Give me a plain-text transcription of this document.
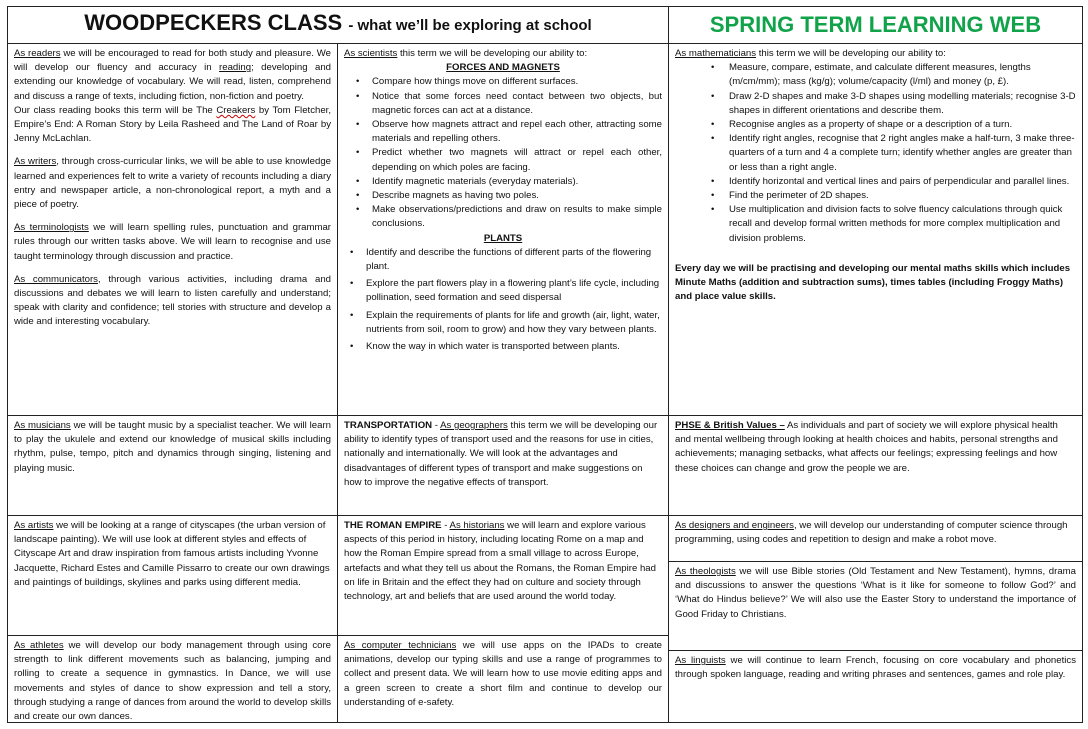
WOODPECKERS CLASS - what we’ll be exploring at school	SPRING TERM LEARNING WEB

As readers we will be encouraged to read for both study and pleasure. We will develop our fluency and accuracy in reading; developing and extending our knowledge of vocabulary. We will read, listen, comprehend and discuss a range of texts, including fiction, non-fiction and poetry.

Our class reading books this term will be The Creakers by Tom Fletcher, Empire’s End: A Roman Story by Leila Rasheed and The Land of Roar by Jenny McLachlan.

As writers, through cross-curricular links, we will be able to use knowledge learned and experiences felt to write a variety of recounts including a diary entry and newspaper article, a non-chronological report, a myth and a piece of poetry.

As terminologists we will learn spelling rules, punctuation and grammar rules through our written tasks above. We will learn to recognise and use taught terminology through discussion and practice.

As communicators, through various activities, including drama and discussions and debates we will learn to listen carefully and understand; speak with clarity and confidence; tell stories with structure and develop a wide and interesting vocabulary.

As scientists this term we will be developing our ability to:

FORCES AND MAGNETS

• Compare how things move on different surfaces.
• Notice that some forces need contact between two objects, but magnetic forces can act at a distance.
• Observe how magnets attract and repel each other, attracting some materials and repelling others.
• Predict whether two magnets will attract or repel each other, depending on which poles are facing.
• Identify magnetic materials (everyday materials).
• Describe magnets as having two poles.
• Make observations/predictions and draw on results to make simple conclusions.

PLANTS

• Identify and describe the functions of different parts of the flowering plant.
• Explore the part flowers play in a flowering plant’s life cycle, including pollination, seed formation and seed dispersal
• Explain the requirements of plants for life and growth (air, light, water, nutrients from soil, room to grow) and how they vary between plants.
• Know the way in which water is transported between plants.

As mathematicians this term we will be developing our ability to:

• Measure, compare, estimate, and calculate different measures, lengths (m/cm/mm); mass (kg/g); volume/capacity (l/ml) and money (p, £).
• Draw 2-D shapes and make 3-D shapes using modelling materials; recognise 3-D shapes in different orientations and describe them.
• Recognise angles as a property of shape or a description of a turn.
• Identify right angles, recognise that 2 right angles make a half-turn, 3 make three-quarters of a turn and 4 a complete turn; identify whether angles are greater than or less than a right angle.
• Identify horizontal and vertical lines and pairs of perpendicular and parallel lines.
• Find the perimeter of 2D shapes.
• Use multiplication and division facts to solve fluency calculations through quick recall and develop formal written methods for more complex multiplication and division problems.

Every day we will be practising and developing our mental maths skills which includes Minute Maths (addition and subtraction sums), times tables (including Froggy Maths) and place value skills.

As musicians we will be taught music by a specialist teacher. We will learn to play the ukulele and extend our knowledge of musical skills including rhythm, pulse, tempo, pitch and dynamics through singing, listening and playing music.

TRANSPORTATION - As geographers this term we will be developing our ability to identify types of transport used and the reasons for use in cities, nationally and internationally. We will look at the advantages and disadvantages of different types of transport and make suggestions on how to improve the negative effects of transport.

PHSE & British Values – As individuals and part of society we will explore physical health and mental wellbeing through looking at health choices and habits, personal strengths and achievements; managing setbacks, what affects our feelings; expressing feelings and how these choices can change and grow the people we are.

As artists we will be looking at a range of cityscapes (the urban version of landscape painting). We will use look at different styles and effects of Cityscape Art and draw inspiration from famous artists including Yvonne Jacquette, Richard Estes and Camille Pissarro to create our own drawings and paintings of buildings, skylines and parks using different media.

THE ROMAN EMPIRE - As historians we will learn and explore various aspects of this period in history, including locating Rome on a map and how the Roman Empire spread from a small village to across Europe, artefacts and what they tell us about the Romans, the Roman Empire had on life in Britain and the effect they had on culture and society through technology, art and beliefs that are used around the world today.

As designers and engineers, we will develop our understanding of computer science through programming, using codes and repetition to design and make a robot move.

As theologists we will use Bible stories (Old Testament and New Testament), hymns, drama and discussions to answer the questions ‘What is it like for someone to follow God?’ and ‘What do Hindus believe?’ We will also use the Easter Story to understand the importance of Good Friday to Christians.

As athletes we will develop our body management through using core strength to link different movements such as balancing, jumping and rolling to create a sequence in gymnastics. In Dance, we will use movements and styles of dance to show expression and tell a story, through studying a range of dances from around the world to develop skills and create our own dances.

As computer technicians we will use apps on the IPADs to create animations, develop our typing skills and use a range of programmes to collect and present data. We will learn how to use movie editing apps and a green screen to create a short film and continue to develop our understanding of e-safety.

As linguists we will continue to learn French, focusing on core vocabulary and phonetics through spoken language, reading and writing phrases and sentences, games and role play.
